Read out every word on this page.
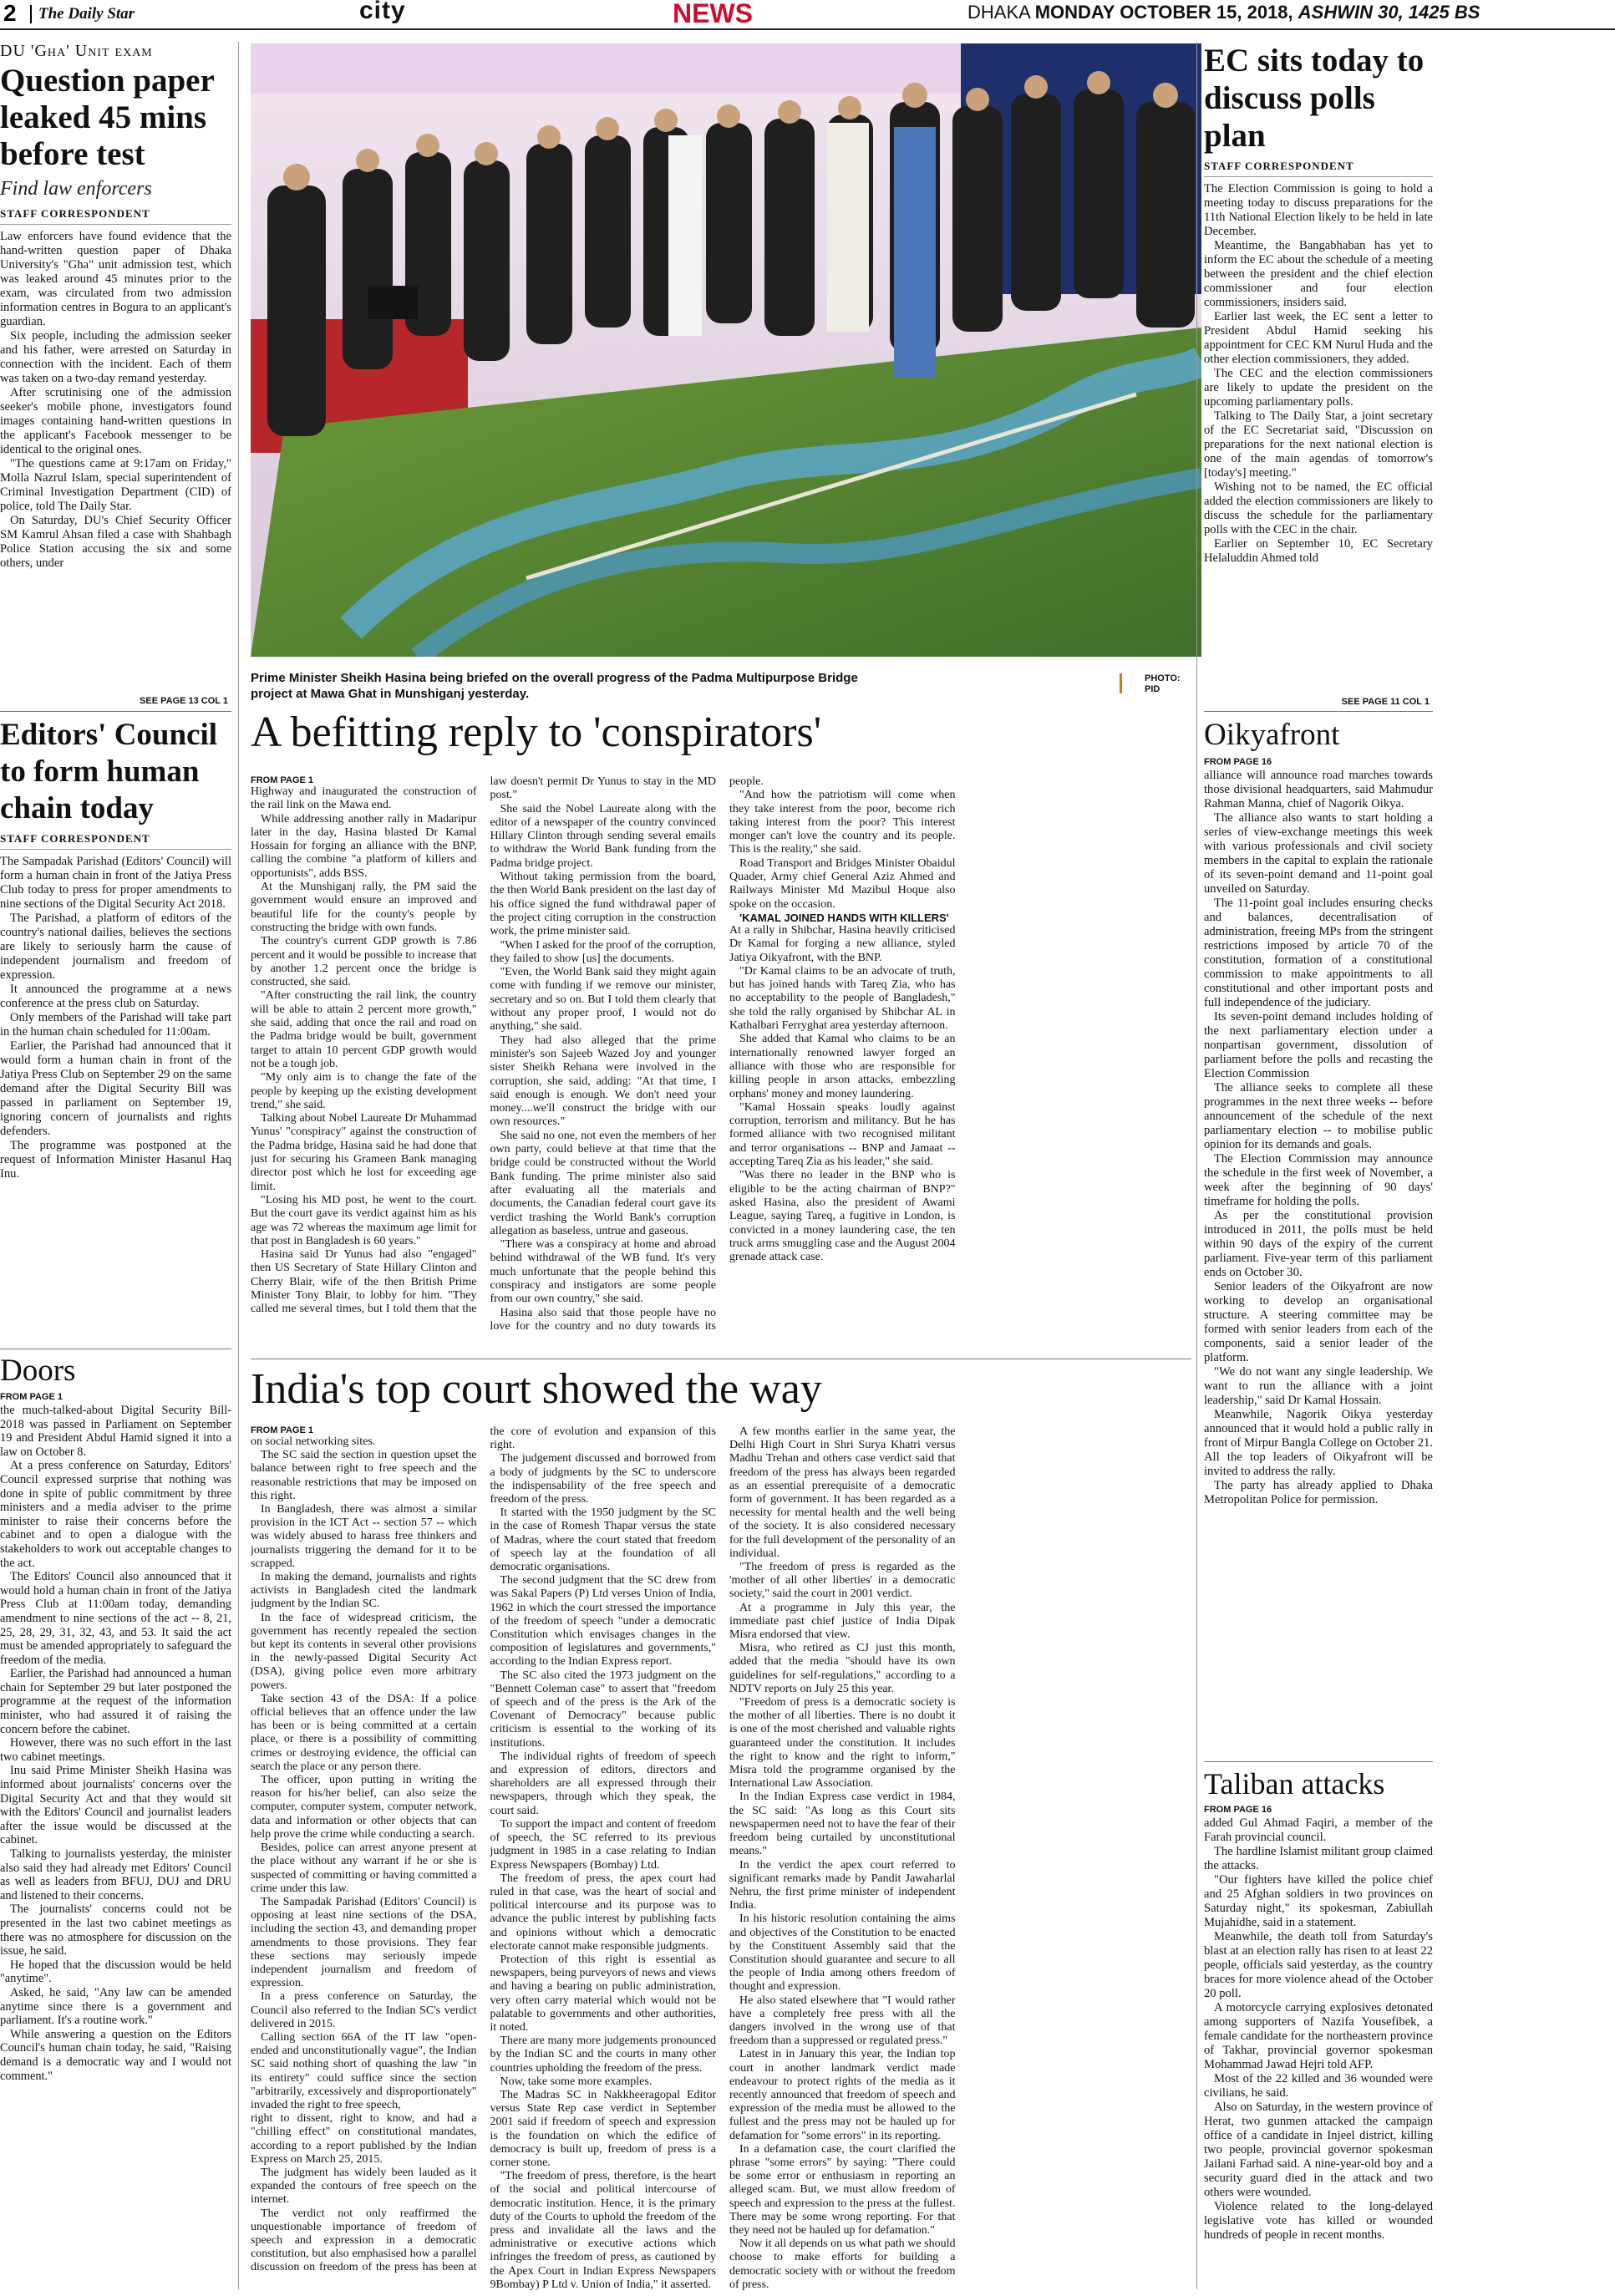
2	The Daily Star	city	NEWS	DHAKA MONDAY OCTOBER 15, 2018, ASHWIN 30, 1425 BS
DU 'Gha' Unit exam
Question paper leaked 45 mins before test
Find law enforcers
STAFF CORRESPONDENT

Law enforcers have found evidence that the hand-written question paper of Dhaka University's "Gha" unit admission test, which was leaked around 45 minutes prior to the exam, was circulated from two admission information centres in Bogura to an applicant's guardian.

Six people, including the admission seeker and his father, were arrested on Saturday in connection with the incident. Each of them was taken on a two-day remand yesterday.

After scrutinising one of the admission seeker's mobile phone, investigators found images containing hand-written questions in the applicant's Facebook messenger to be identical to the original ones.

"The questions came at 9:17am on Friday," Molla Nazrul Islam, special superintendent of Criminal Investigation Department (CID) of police, told The Daily Star.

On Saturday, DU's Chief Security Officer SM Kamrul Ahsan filed a case with Shahbagh Police Station accusing the six and some others, under

SEE PAGE 13 COL 1
Prime Minister Sheikh Hasina being briefed on the overall progress of the Padma Multipurpose Bridge project at Mawa Ghat in Munshiganj yesterday.
PHOTO:
PID
EC sits today to discuss polls plan
STAFF CORRESPONDENT

The Election Commission is going to hold a meeting today to discuss preparations for the 11th National Election likely to be held in late December.

Meantime, the Bangabhaban has yet to inform the EC about the schedule of a meeting between the president and the chief election commissioner and four election commissioners, insiders said.

Earlier last week, the EC sent a letter to President Abdul Hamid seeking his appointment for CEC KM Nurul Huda and the other election commissioners, they added.

The CEC and the election commissioners are likely to update the president on the upcoming parliamentary polls.

Talking to The Daily Star, a joint secretary of the EC Secretariat said, "Discussion on preparations for the next national election is one of the main agendas of tomorrow's [today's] meeting."

Wishing not to be named, the EC official added the election commissioners are likely to discuss the schedule for the parliamentary polls with the CEC in the chair.

Earlier on September 10, EC Secretary Helaluddin Ahmed told

SEE PAGE 11 COL 1
Editors' Council to form human chain today
STAFF CORRESPONDENT

The Sampadak Parishad (Editors' Council) will form a human chain in front of the Jatiya Press Club today to press for proper amendments to nine sections of the Digital Security Act 2018.

The Parishad, a platform of editors of the country's national dailies, believes the sections are likely to seriously harm the cause of independent journalism and freedom of expression.

It announced the programme at a news conference at the press club on Saturday.

Only members of the Parishad will take part in the human chain scheduled for 11:00am.

Earlier, the Parishad had announced that it would form a human chain in front of the Jatiya Press Club on September 29 on the same demand after the Digital Security Bill was passed in parliament on September 19, ignoring concern of journalists and rights defenders.

The programme was postponed at the request of Information Minister Hasanul Haq Inu.

Doors
FROM PAGE 1

the much-talked-about Digital Security Bill-2018 was passed in Parliament on September 19 and President Abdul Hamid signed it into a law on October 8.

At a press conference on Saturday, Editors' Council expressed surprise that nothing was done in spite of public commitment by three ministers and a media adviser to the prime minister to raise their concerns before the cabinet and to open a dialogue with the stakeholders to work out acceptable changes to the act.

The Editors' Council also announced that it would hold a human chain in front of the Jatiya Press Club at 11:00am today, demanding amendment to nine sections of the act -- 8, 21, 25, 28, 29, 31, 32, 43, and 53. It said the act must be amended appropriately to safeguard the freedom of the media.

Earlier, the Parishad had announced a human chain for September 29 but later postponed the programme at the request of the information minister, who had assured it of raising the concern before the cabinet.

However, there was no such effort in the last two cabinet meetings.

Inu said Prime Minister Sheikh Hasina was informed about journalists' concerns over the Digital Security Act and that they would sit with the Editors' Council and journalist leaders after the issue would be discussed at the cabinet.

Talking to journalists yesterday, the minister also said they had already met Editors' Council as well as leaders from BFUJ, DUJ and DRU and listened to their concerns.

The journalists' concerns could not be presented in the last two cabinet meetings as there was no atmosphere for discussion on the issue, he said.

He hoped that the discussion would be held "anytime".

Asked, he said, "Any law can be amended anytime since there is a government and parliament. It's a routine work."

While answering a question on the Editors Council's human chain today, he said, "Raising demand is a democratic way and I would not comment."

A befitting reply to 'conspirators'
FROM PAGE 1

Highway and inaugurated the construction of the rail link on the Mawa end.

While addressing another rally in Madaripur later in the day, Hasina blasted Dr Kamal Hossain for forging an alliance with the BNP, calling the combine "a platform of killers and opportunists", adds BSS.

At the Munshiganj rally, the PM said the government would ensure an improved and beautiful life for the county's people by constructing the bridge with own funds.

The country's current GDP growth is 7.86 percent and it would be possible to increase that by another 1.2 percent once the bridge is constructed, she said.

"After constructing the rail link, the country will be able to attain 2 percent more growth," she said, adding that once the rail and road on the Padma bridge would be built, government target to attain 10 percent GDP growth would not be a tough job.

"My only aim is to change the fate of the people by keeping up the existing development trend," she said.

Talking about Nobel Laureate Dr Muhammad Yunus' "conspiracy" against the construction of the Padma bridge, Hasina said he had done that just for securing his Grameen Bank managing director post which he lost for exceeding age limit.

"Losing his MD post, he went to the court. But the court gave its verdict against him as his age was 72 whereas the maximum age limit for that post in Bangladesh is 60 years."

Hasina said Dr Yunus had also "engaged" then US Secretary of State Hillary Clinton and Cherry Blair, wife of the then British Prime Minister Tony Blair, to lobby for him. "They called me several times, but I told them that the law doesn't permit Dr Yunus to stay in the MD post."

She said the Nobel Laureate along with the editor of a newspaper of the country convinced Hillary Clinton through sending several emails to withdraw the World Bank funding from the Padma bridge project.

Without taking permission from the board, the then World Bank president on the last day of his office signed the fund withdrawal paper of the project citing corruption in the construction work, the prime minister said.

"When I asked for the proof of the corruption, they failed to show [us] the documents.

"Even, the World Bank said they might again come with funding if we remove our minister, secretary and so on. But I told them clearly that without any proper proof, I would not do anything," she said.

They had also alleged that the prime minister's son Sajeeb Wazed Joy and younger sister Sheikh Rehana were involved in the corruption, she said, adding: "At that time, I said enough is enough. We don't need your money....we'll construct the bridge with our own resources."

She said no one, not even the members of her own party, could believe at that time that the bridge could be constructed without the World Bank funding. The prime minister also said after evaluating all the materials and documents, the Canadian federal court gave its verdict trashing the World Bank's corruption allegation as baseless, untrue and gaseous.

"There was a conspiracy at home and abroad behind withdrawal of the WB fund. It's very much unfortunate that the people behind this conspiracy and instigators are some people from our own country," she said.

Hasina also said that those people have no love for the country and no duty towards its people.

"And how the patriotism will come when they take interest from the poor, become rich taking interest from the poor? This interest monger can't love the country and its people. This is the reality," she said.

Road Transport and Bridges Minister Obaidul Quader, Army chief General Aziz Ahmed and Railways Minister Md Mazibul Hoque also spoke on the occasion.

'KAMAL JOINED HANDS WITH KILLERS'

At a rally in Shibchar, Hasina heavily criticised Dr Kamal for forging a new alliance, styled Jatiya Oikyafront, with the BNP.

"Dr Kamal claims to be an advocate of truth, but has joined hands with Tareq Zia, who has no acceptability to the people of Bangladesh," she told the rally organised by Shibchar AL in Kathalbari Ferryghat area yesterday afternoon.

She added that Kamal who claims to be an internationally renowned lawyer forged an alliance with those who are responsible for killing people in arson attacks, embezzling orphans' money and money laundering.

"Kamal Hossain speaks loudly against corruption, terrorism and militancy. But he has formed alliance with two recognised militant and terror organisations -- BNP and Jamaat -- accepting Tareq Zia as his leader," she said.

"Was there no leader in the BNP who is eligible to be the acting chairman of BNP?" asked Hasina, also the president of Awami League, saying Tareq, a fugitive in London, is convicted in a money laundering case, the ten truck arms smuggling case and the August 2004 grenade attack case.

India's top court showed the way
FROM PAGE 1

on social networking sites.

The SC said the section in question upset the balance between right to free speech and the reasonable restrictions that may be imposed on this right.

In Bangladesh, there was almost a similar provision in the ICT Act -- section 57 -- which was widely abused to harass free thinkers and journalists triggering the demand for it to be scrapped.

In making the demand, journalists and rights activists in Bangladesh cited the landmark judgment by the Indian SC.

In the face of widespread criticism, the government has recently repealed the section but kept its contents in several other provisions in the newly-passed Digital Security Act (DSA), giving police even more arbitrary powers.

Take section 43 of the DSA: If a police official believes that an offence under the law has been or is being committed at a certain place, or there is a possibility of committing crimes or destroying evidence, the official can search the place or any person there.

The officer, upon putting in writing the reason for his/her belief, can also seize the computer, computer system, computer network, data and information or other objects that can help prove the crime while conducting a search.

Besides, police can arrest anyone present at the place without any warrant if he or she is suspected of committing or having committed a crime under this law.

The Sampadak Parishad (Editors' Council) is opposing at least nine sections of the DSA, including the section 43, and demanding proper amendments to those provisions. They fear these sections may seriously impede independent journalism and freedom of expression.

In a press conference on Saturday, the Council also referred to the Indian SC's verdict delivered in 2015.

Calling section 66A of the IT law "open-ended and unconstitutionally vague", the Indian SC said nothing short of quashing the law "in its entirety" could suffice since the section "arbitrarily, excessively and disproportionately" invaded the right to free speech,

right to dissent, right to know, and had a "chilling effect" on constitutional mandates, according to a report published by the Indian Express on March 25, 2015.

The judgment has widely been lauded as it expanded the contours of free speech on the internet.

The verdict not only reaffirmed the unquestionable importance of freedom of speech and expression in a democratic constitution, but also emphasised how a parallel discussion on freedom of the press has been at the core of evolution and expansion of this right.

The judgement discussed and borrowed from a body of judgments by the SC to underscore the indispensability of the free speech and freedom of the press.

It started with the 1950 judgment by the SC in the case of Romesh Thapar versus the state of Madras, where the court stated that freedom of speech lay at the foundation of all democratic organisations.

The second judgment that the SC drew from was Sakal Papers (P) Ltd verses Union of India, 1962 in which the court stressed the importance of the freedom of speech "under a democratic Constitution which envisages changes in the composition of legislatures and governments," according to the Indian Express report.

The SC also cited the 1973 judgment on the "Bennett Coleman case" to assert that "freedom of speech and of the press is the Ark of the Covenant of Democracy" because public criticism is essential to the working of its institutions.

The individual rights of freedom of speech and expression of editors, directors and shareholders are all expressed through their newspapers, through which they speak, the court said.

To support the impact and content of freedom of speech, the SC referred to its previous judgment in 1985 in a case relating to Indian Express Newspapers (Bombay) Ltd.

The freedom of press, the apex court had ruled in that case, was the heart of social and political intercourse and its purpose was to advance the public interest by publishing facts and opinions without which a democratic electorate cannot make responsible judgments.

Protection of this right is essential as newspapers, being purveyors of news and views and having a bearing on public administration, very often carry material which would not be palatable to governments and other authorities, it noted.

There are many more judgements pronounced by the Indian SC and the courts in many other countries upholding the freedom of the press.

Now, take some more examples.

The Madras SC in Nakkheeragopal Editor versus State Rep case verdict in September 2001 said if freedom of speech and expression is the foundation on which the edifice of democracy is built up, freedom of press is a corner stone.

"The freedom of press, therefore, is the heart of the social and political intercourse of democratic institution. Hence, it is the primary duty of the Courts to uphold the freedom of the press and invalidate all the laws and the administrative or executive actions which infringes the freedom of press, as cautioned by the Apex Court in Indian Express Newspapers 9Bombay) P Ltd v. Union of India," it asserted.

A few months earlier in the same year, the Delhi High Court in Shri Surya Khatri versus Madhu Trehan and others case verdict said that freedom of the press has always been regarded as an essential prerequisite of a democratic form of government. It has been regarded as a necessity for mental health and the well being of the society. It is also considered necessary for the full development of the personality of an individual.

"The freedom of press is regarded as the 'mother of all other liberties' in a democratic society," said the court in 2001 verdict.

At a programme in July this year, the immediate past chief justice of India Dipak Misra endorsed that view.

Misra, who retired as CJ just this month, added that the media "should have its own guidelines for self-regulations," according to a NDTV reports on July 25 this year.

"Freedom of press is a democratic society is the mother of all liberties. There is no doubt it is one of the most cherished and valuable rights guaranteed under the constitution. It includes the right to know and the right to inform," Misra told the programme organised by the International Law Association.

In the Indian Express case verdict in 1984, the SC said: "As long as this Court sits newspapermen need not to have the fear of their freedom being curtailed by unconstitutional means."

In the verdict the apex court referred to significant remarks made by Pandit Jawaharlal Nehru, the first prime minister of independent India.

In his historic resolution containing the aims and objectives of the Constitution to be enacted by the Constituent Assembly said that the Constitution should guarantee and secure to all the people of India among others freedom of thought and expression.

He also stated elsewhere that "I would rather have a completely free press with all the dangers involved in the wrong use of that freedom than a suppressed or regulated press."

Latest in in January this year, the Indian top court in another landmark verdict made endeavour to protect rights of the media as it recently announced that freedom of speech and expression of the media must be allowed to the fullest and the press may not be hauled up for defamation for "some errors" in its reporting.

In a defamation case, the court clarified the phrase "some errors" by saying: "There could be some error or enthusiasm in reporting an alleged scam. But, we must allow freedom of speech and expression to the press at the fullest. There may be some wrong reporting. For that they need not be hauled up for defamation."

Now it all depends on us what path we should choose to make efforts for building a democratic society with or without the freedom of press.

Oikyafront
FROM PAGE 16

alliance will announce road marches towards those divisional headquarters, said Mahmudur Rahman Manna, chief of Nagorik Oikya.

The alliance also wants to start holding a series of view-exchange meetings this week with various professionals and civil society members in the capital to explain the rationale of its seven-point demand and 11-point goal unveiled on Saturday.

The 11-point goal includes ensuring checks and balances, decentralisation of administration, freeing MPs from the stringent restrictions imposed by article 70 of the constitution, formation of a constitutional commission to make appointments to all constitutional and other important posts and full independence of the judiciary.

Its seven-point demand includes holding of the next parliamentary election under a nonpartisan government, dissolution of parliament before the polls and recasting the Election Commission

The alliance seeks to complete all these programmes in the next three weeks -- before announcement of the schedule of the next parliamentary election -- to mobilise public opinion for its demands and goals.

The Election Commission may announce the schedule in the first week of November, a week after the beginning of 90 days' timeframe for holding the polls.

As per the constitutional provision introduced in 2011, the polls must be held within 90 days of the expiry of the current parliament. Five-year term of this parliament ends on October 30.

Senior leaders of the Oikyafront are now working to develop an organisational structure. A steering committee may be formed with senior leaders from each of the components, said a senior leader of the platform.

"We do not want any single leadership. We want to run the alliance with a joint leadership," said Dr Kamal Hossain.

Meanwhile, Nagorik Oikya yesterday announced that it would hold a public rally in front of Mirpur Bangla College on October 21. All the top leaders of Oikyafront will be invited to address the rally.

The party has already applied to Dhaka Metropolitan Police for permission.

Taliban attacks
FROM PAGE 16

added Gul Ahmad Faqiri, a member of the Farah provincial council.

The hardline Islamist militant group claimed the attacks.

"Our fighters have killed the police chief and 25 Afghan soldiers in two provinces on Saturday night," its spokesman, Zabiullah Mujahidhe, said in a statement.

Meanwhile, the death toll from Saturday's blast at an election rally has risen to at least 22 people, officials said yesterday, as the country braces for more violence ahead of the October 20 poll.

A motorcycle carrying explosives detonated among supporters of Nazifa Yousefibek, a female candidate for the northeastern province of Takhar, provincial governor spokesman Mohammad Jawad Hejri told AFP.

Most of the 22 killed and 36 wounded were civilians, he said.

Also on Saturday, in the western province of Herat, two gunmen attacked the campaign office of a candidate in Injeel district, killing two people, provincial governor spokesman Jailani Farhad said. A nine-year-old boy and a security guard died in the attack and two others were wounded.

Violence related to the long-delayed legislative vote has killed or wounded hundreds of people in recent months.
